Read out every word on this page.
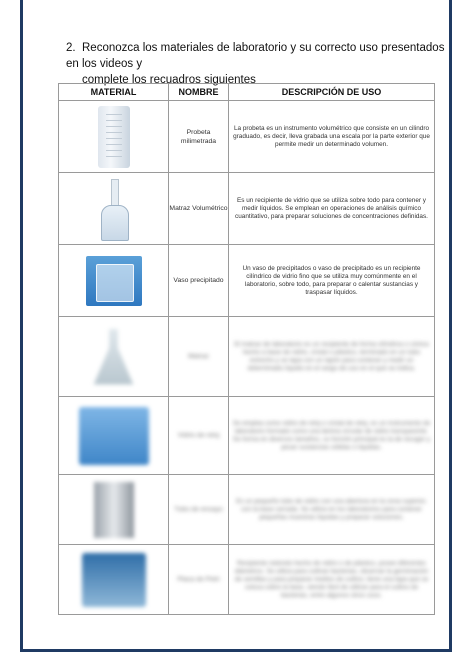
2. Reconozca los materiales de laboratorio y su correcto uso presentados en los videos y
complete los recuadros siguientes
MATERIAL	NOMBRE	DESCRIPCIÓN DE USO

	Probeta milimetrada	La probeta es un instrumento volumétrico que consiste en un cilindro graduado, es decir, lleva grabada una escala por la parte exterior que permite medir un determinado volumen.

	Matraz Volumétrico	Es un recipiente de vidrio que se utiliza sobre todo para contener y medir líquidos. Se emplean en operaciones de análisis químico cuantitativo, para preparar soluciones de concentraciones definidas.

	Vaso precipitado	Un vaso de precipitados o vaso de precipitado es un recipiente cilíndrico de vidrio fino que se utiliza muy comúnmente en el laboratorio, sobre todo, para preparar o calentar sustancias y traspasar líquidos.

	Matraz	El matraz de laboratorio es un recipiente de forma cilíndrica o cónica hecho a base de vidrio, cristal o plástico, terminado en un tubo estrecho y se tapa con un tapón para contener y medir un determinado líquido en el rango de uso en el que se indica.

	Vidrio de reloj	Se emplea como vidrio de reloj o cristal de reloj, es un instrumento de laboratorio formado como una lámina circular de vidrio transparente. Se forma en diversos tamaños, su función principal es la de recoger y pesar sustancias sólidas o líquidas.

	Tubo de ensayo	Es un pequeño tubo de vidrio con una abertura en la zona superior, con la base cerrada. Se utiliza en los laboratorios para contener pequeñas muestras líquidas y preparar soluciones.

	Placa de Petri	Recipiente redondo hecho de vidrio o de plástico, posee diferentes diámetros. Se utiliza para cultivar bacterias, observar la germinación de semillas y para preparar medios de cultivo; tiene una tapa que se coloca sobre la base, siendo fácil de utilizar para el cultivo de bacterias, entre algunos otros usos.
